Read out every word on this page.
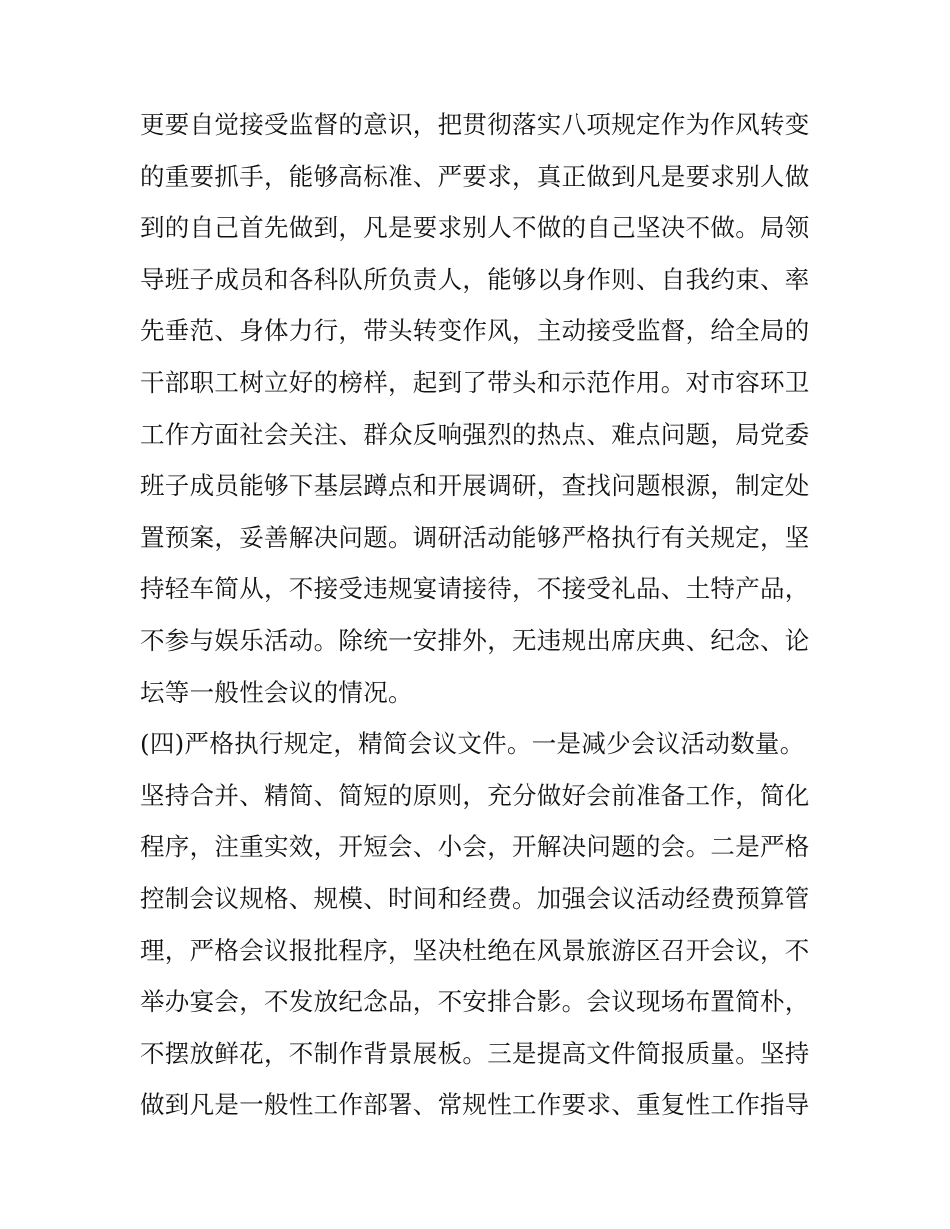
更要自觉接受监督的意识，把贯彻落实八项规定作为作风转变
的重要抓手，能够高标准、严要求，真正做到凡是要求别人做
到的自己首先做到，凡是要求别人不做的自己坚决不做。局领
导班子成员和各科队所负责人，能够以身作则、自我约束、率
先垂范、身体力行，带头转变作风，主动接受监督，给全局的
干部职工树立好的榜样，起到了带头和示范作用。对市容环卫
工作方面社会关注、群众反响强烈的热点、难点问题，局党委
班子成员能够下基层蹲点和开展调研，查找问题根源，制定处
置预案，妥善解决问题。调研活动能够严格执行有关规定，坚
持轻车简从，不接受违规宴请接待，不接受礼品、土特产品，
不参与娱乐活动。除统一安排外，无违规出席庆典、纪念、论
坛等一般性会议的情况。
(四)严格执行规定，精简会议文件。一是减少会议活动数量。
坚持合并、精简、简短的原则，充分做好会前准备工作，简化
程序，注重实效，开短会、小会，开解决问题的会。二是严格
控制会议规格、规模、时间和经费。加强会议活动经费预算管
理，严格会议报批程序，坚决杜绝在风景旅游区召开会议，不
举办宴会，不发放纪念品，不安排合影。会议现场布置简朴，
不摆放鲜花，不制作背景展板。三是提高文件简报质量。坚持
做到凡是一般性工作部署、常规性工作要求、重复性工作指导
